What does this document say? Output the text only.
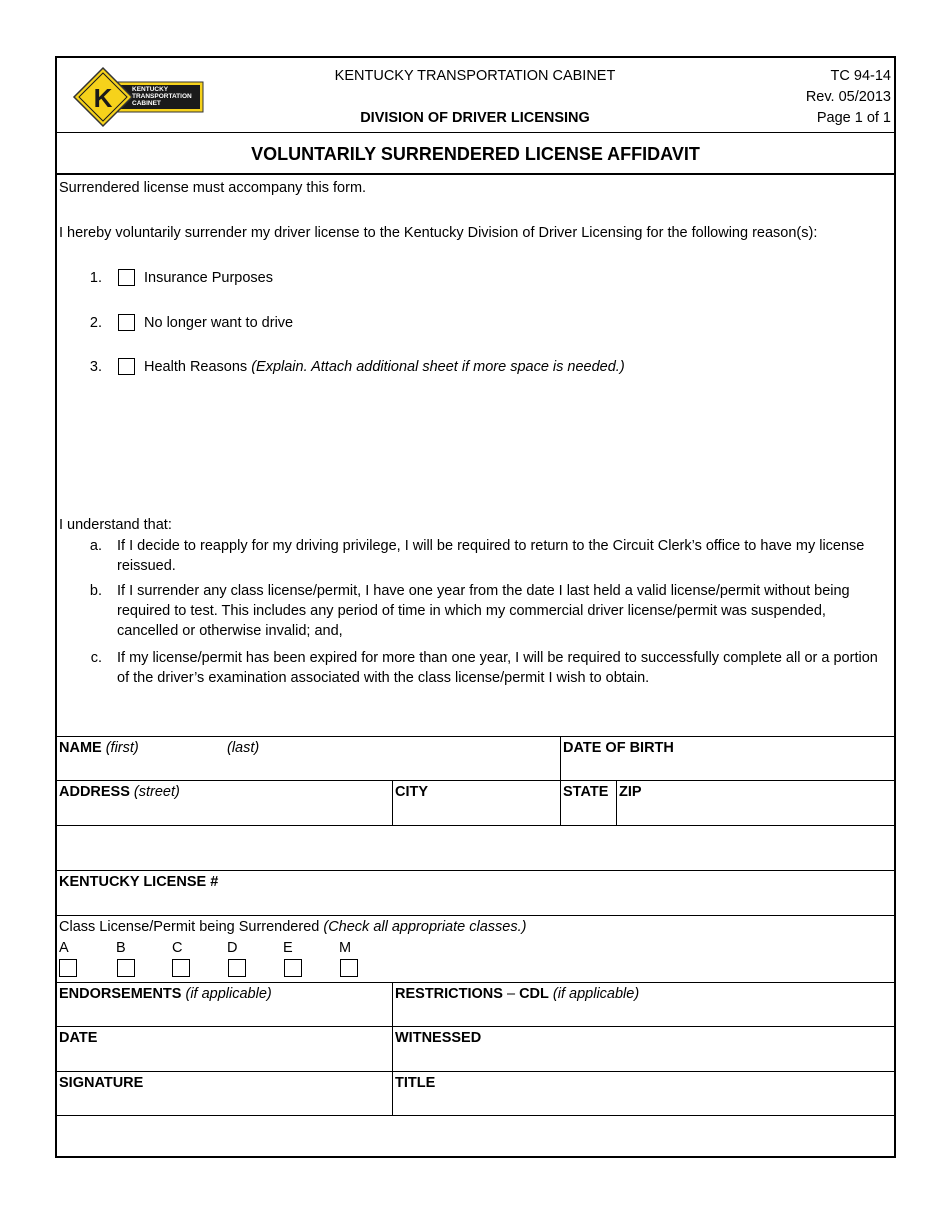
K	KENTUCKY
TRANSPORTATION
CABINET
KENTUCKY TRANSPORTATION CABINET
DIVISION OF DRIVER LICENSING
TC 94-14
Rev. 05/2013
Page 1 of 1
VOLUNTARILY SURRENDERED LICENSE AFFIDAVIT
Surrendered license must accompany this form.
I hereby voluntarily surrender my driver license to the Kentucky Division of Driver Licensing for the following reason(s):
1.	Insurance Purposes
2.	No longer want to drive
3.	Health Reasons (Explain. Attach additional sheet if more space is needed.)
I understand that:
a. If I decide to reapply for my driving privilege, I will be required to return to the Circuit Clerk’s office to have my license reissued.
b. If I surrender any class license/permit, I have one year from the date I last held a valid license/permit without being required to test. This includes any period of time in which my commercial driver license/permit was suspended, cancelled or otherwise invalid; and,
c. If my license/permit has been expired for more than one year, I will be required to successfully complete all or a portion of the driver’s examination associated with the class license/permit I wish to obtain.
NAME (first)	(last)	DATE OF BIRTH
ADDRESS (street)	CITY	STATE ZIP
KENTUCKY LICENSE #
Class License/Permit being Surrendered (Check all appropriate classes.)
A	B	C	D	E	M
ENDORSEMENTS (if applicable)	RESTRICTIONS – CDL (if applicable)
DATE	WITNESSED
SIGNATURE	TITLE
